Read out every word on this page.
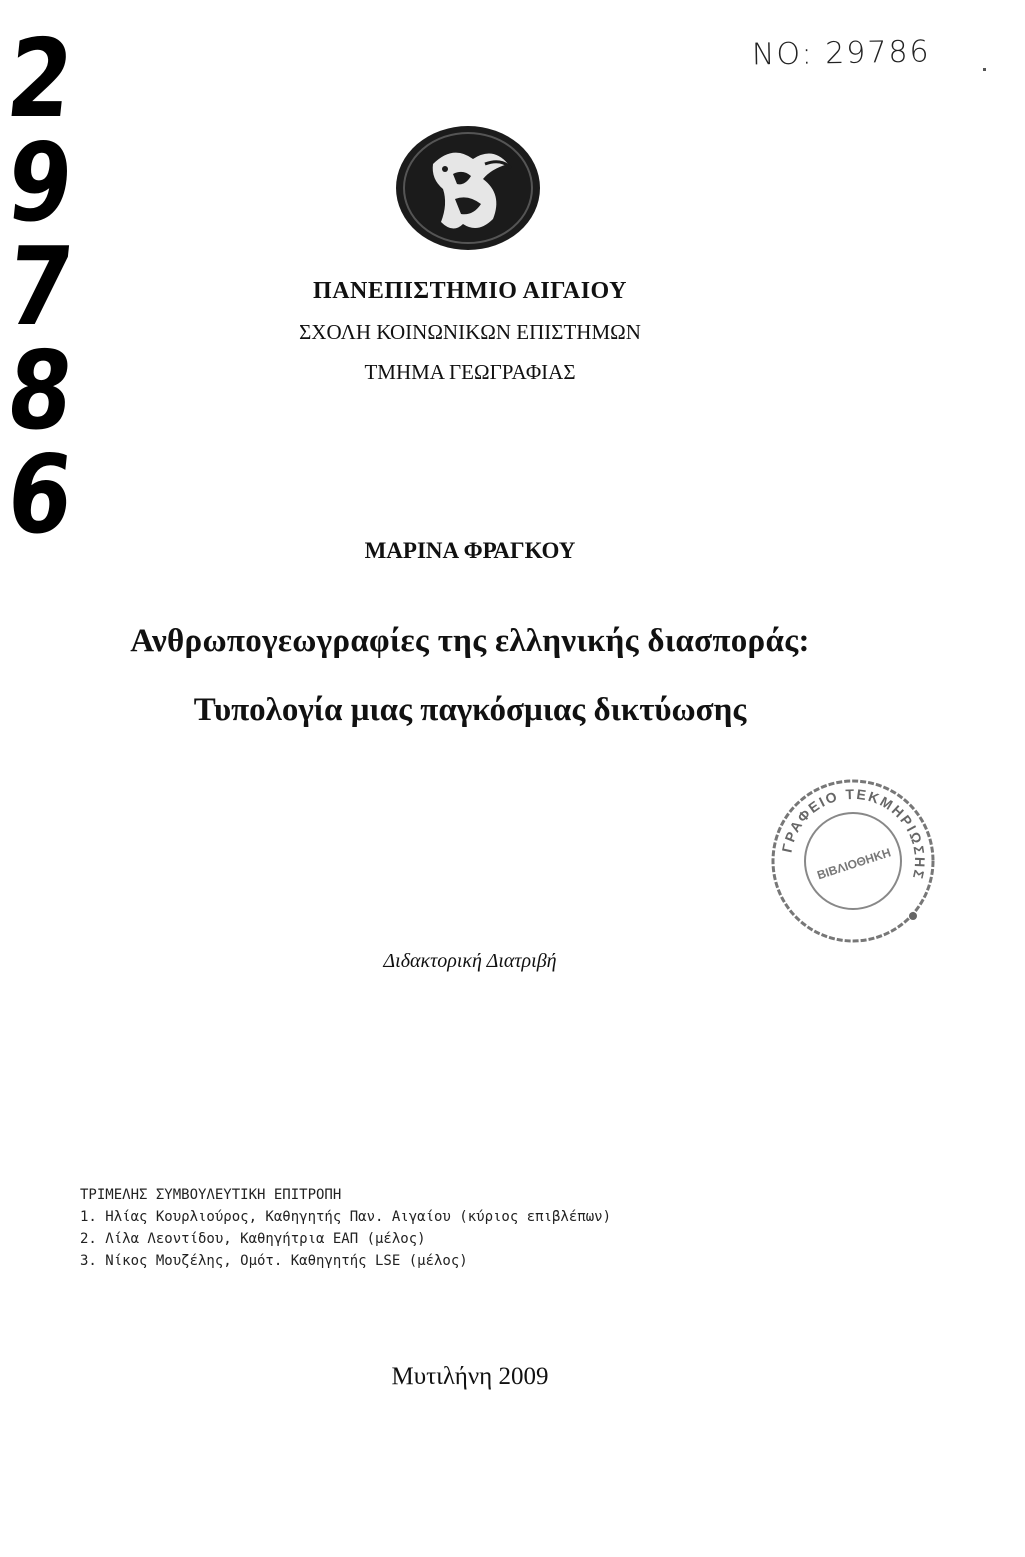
2
9
7
8
6
NO: 29786
ΠΑΝΕΠΙΣΤΗΜΙΟ ΑΙΓΑΙΟΥ
ΣΧΟΛΗ ΚΟΙΝΩΝΙΚΩΝ ΕΠΙΣΤΗΜΩΝ
ΤΜΗΜΑ ΓΕΩΓΡΑΦΙΑΣ
ΜΑΡΙΝΑ ΦΡΑΓΚΟΥ
Ανθρωπογεωγραφίες της ελληνικής διασποράς:
Τυπολογία μιας παγκόσμιας δικτύωσης
ΓΡΑΦΕΙΟ ΤΕΚΜΗΡΙΩΣΗΣ
ΒΙΒΛΙΟΘΗΚΗ
Διδακτορική Διατριβή
ΤΡΙΜΕΛΗΣ ΣΥΜΒΟΥΛΕΥΤΙΚΗ ΕΠΙΤΡΟΠΗ
1. Ηλίας Κουρλιούρος, Καθηγητής Παν. Αιγαίου (κύριος επιβλέπων)
2. Λίλα Λεοντίδου, Καθηγήτρια ΕΑΠ (μέλος)
3. Νίκος Μουζέλης, Ομότ. Καθηγητής LSE (μέλος)
Μυτιλήνη 2009
